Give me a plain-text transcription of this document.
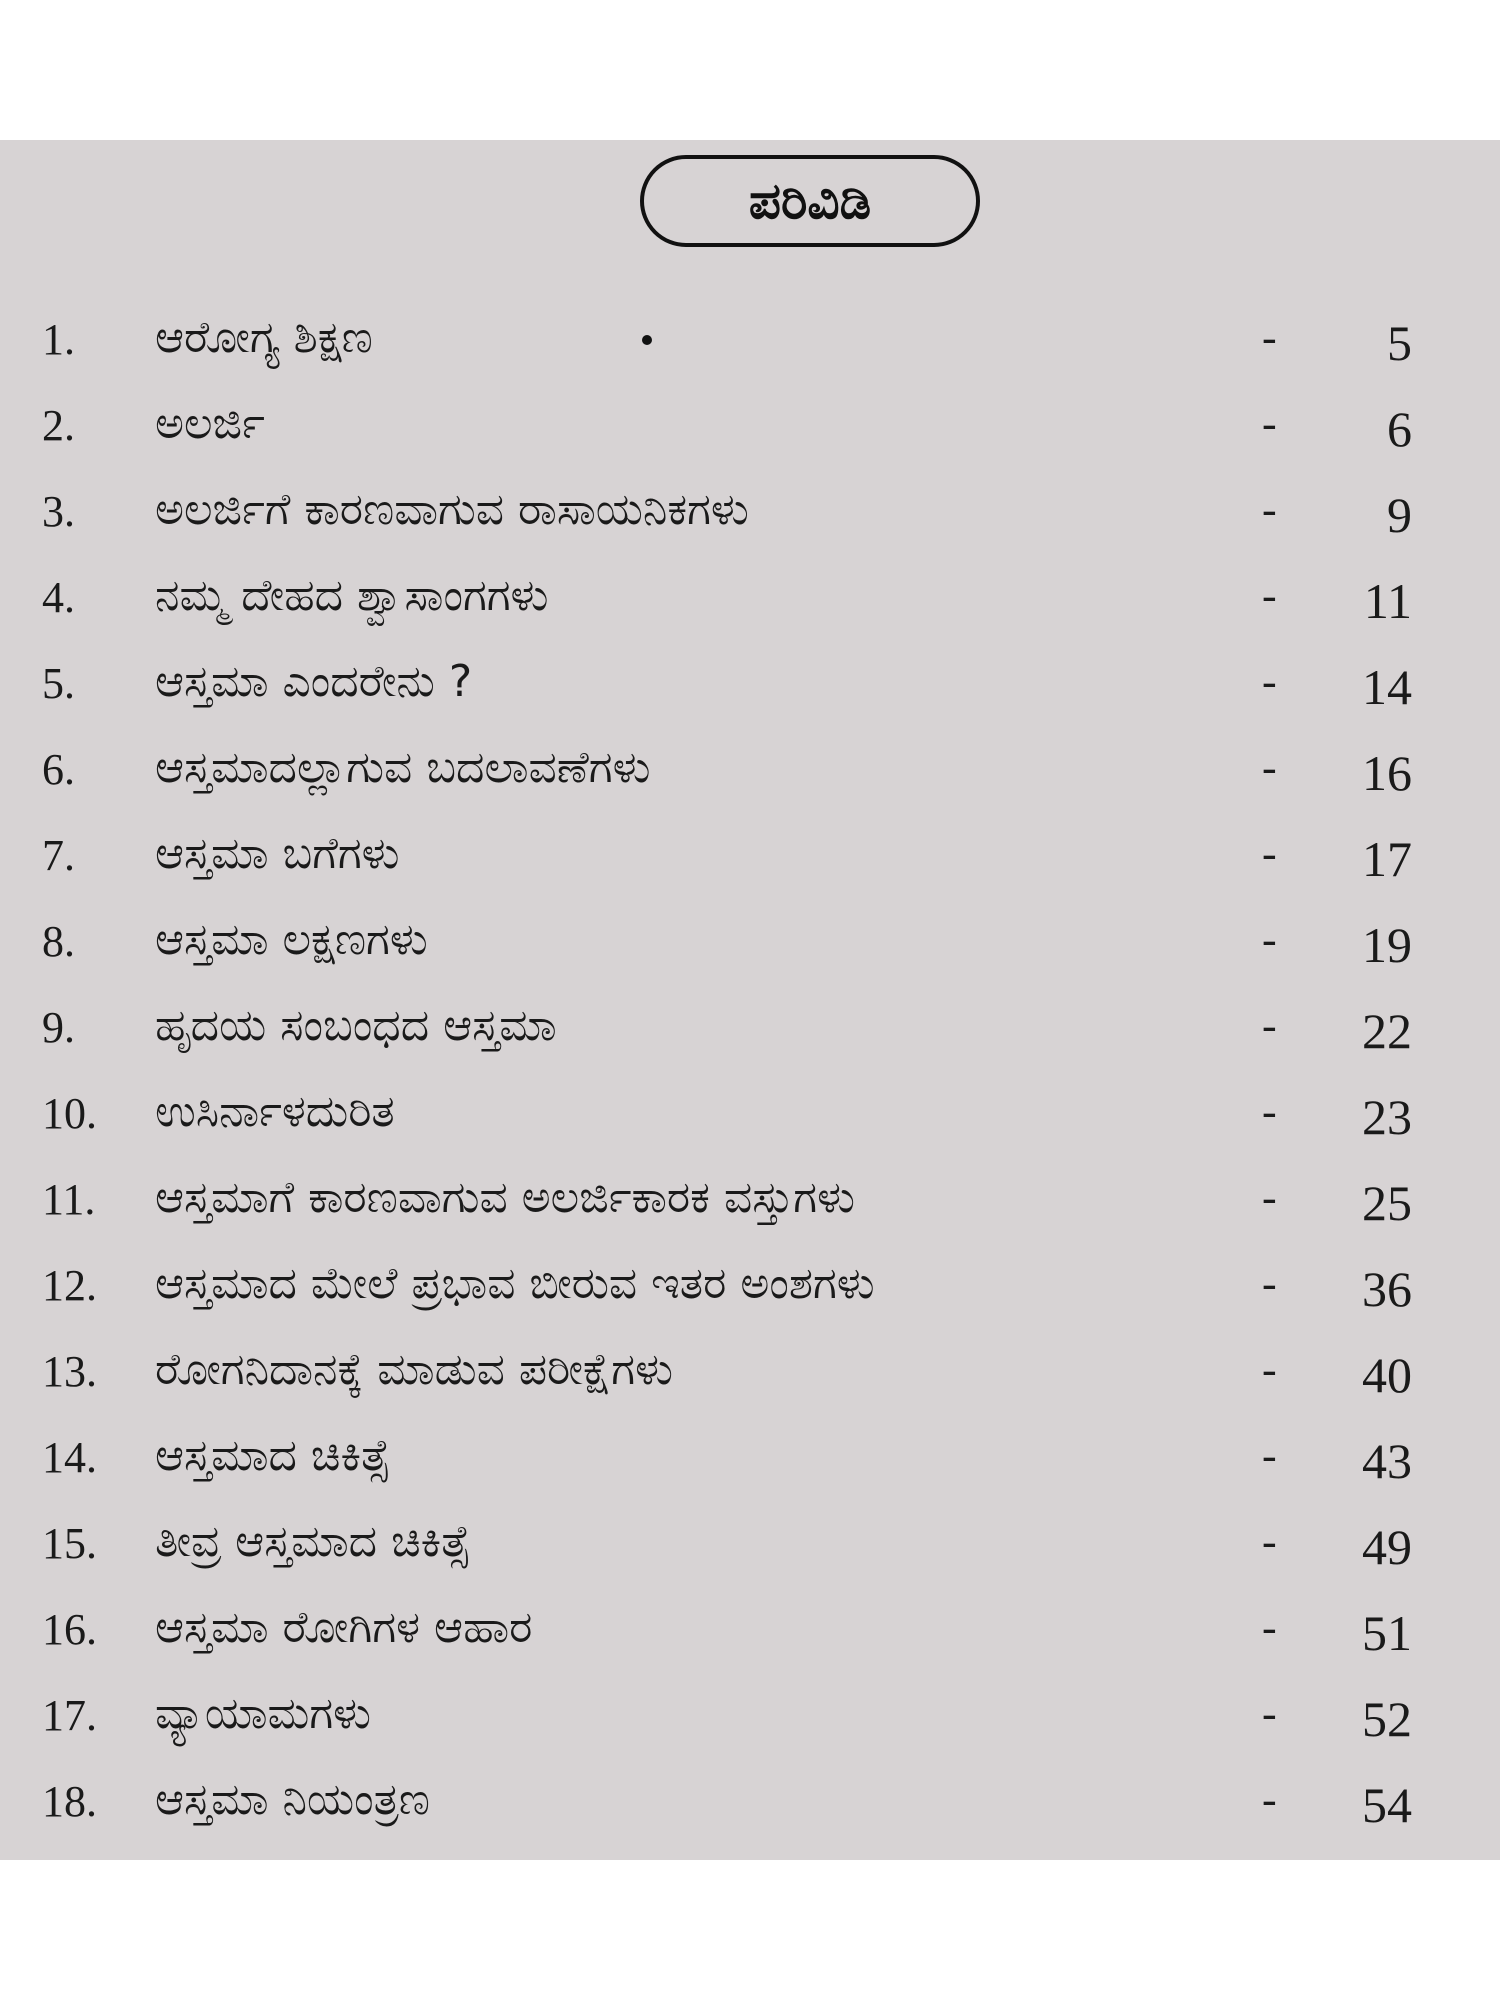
ಪರಿವಿಡಿ
1.	ಆರೋಗ್ಯ ಶಿಕ್ಷಣ	-	5
2.	ಅಲರ್ಜಿ	-	6
3.	ಅಲರ್ಜಿಗೆ ಕಾರಣವಾಗುವ ರಾಸಾಯನಿಕಗಳು	-	9
4.	ನಮ್ಮ ದೇಹದ ಶ್ವಾಸಾಂಗಗಳು	-	11
5.	ಆಸ್ತಮಾ ಎಂದರೇನು ?	-	14
6.	ಆಸ್ತಮಾದಲ್ಲಾಗುವ ಬದಲಾವಣೆಗಳು	-	16
7.	ಆಸ್ತಮಾ ಬಗೆಗಳು	-	17
8.	ಆಸ್ತಮಾ ಲಕ್ಷಣಗಳು	-	19
9.	ಹೃದಯ ಸಂಬಂಧದ ಆಸ್ತಮಾ	-	22
10.	ಉಸಿರ್ನಾಳದುರಿತ	-	23
11.	ಆಸ್ತಮಾಗೆ ಕಾರಣವಾಗುವ ಅಲರ್ಜಿಕಾರಕ ವಸ್ತುಗಳು	-	25
12.	ಆಸ್ತಮಾದ ಮೇಲೆ ಪ್ರಭಾವ ಬೀರುವ ಇತರ ಅಂಶಗಳು	-	36
13.	ರೋಗನಿದಾನಕ್ಕೆ ಮಾಡುವ ಪರೀಕ್ಷೆಗಳು	-	40
14.	ಆಸ್ತಮಾದ ಚಿಕಿತ್ಸೆ	-	43
15.	ತೀವ್ರ ಆಸ್ತಮಾದ ಚಿಕಿತ್ಸೆ	-	49
16.	ಆಸ್ತಮಾ ರೋಗಿಗಳ ಆಹಾರ	-	51
17.	ವ್ಯಾಯಾಮಗಳು	-	52
18.	ಆಸ್ತಮಾ ನಿಯಂತ್ರಣ	-	54
